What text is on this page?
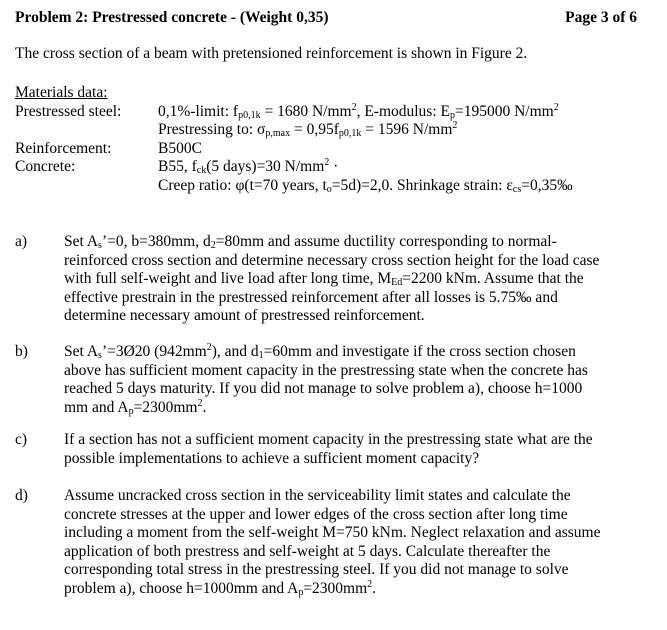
Problem 2: Prestressed concrete - (Weight 0,35)	Page 3 of 6
The cross section of a beam with pretensioned reinforcement is shown in Figure 2.
Materials data:
Prestressed steel: 0,1%-limit: $f_{p0,1k} = 1680$ $N/mm^2$, E-modulus: $E_p=195000$ $N/mm^2$
Prestressing to: $\sigma_{p,max} = 0,95f_{p0,1k} = 1596$ $N/mm^2$
Reinforcement:	B500C
Concrete:	B55, $f_{ck}(5$ days)=30 $N/mm^2$ ·
Creep ratio: φ(t=70 years, $t_o=5d)=2,0$. Shrinkage strain: $\varepsilon_{cs}=0,35‰$
a) Set $A_s’=0$, b=380mm, $d_2=80mm$ and assume ductility corresponding to normal-
reinforced cross section and determine necessary cross section height for the load case
with full self-weight and live load after long time, $M_{Ed}=2200$ kNm. Assume that the
effective prestrain in the prestressed reinforcement after all losses is 5.75‰ and
determine necessary amount of prestressed reinforcement.
b) Set $A_s’=3Ø20$ $(942mm^2)$, and $d_1=60mm$ and investigate if the cross section chosen
above has sufficient moment capacity in the prestressing state when the concrete has
reached 5 days maturity. If you did not manage to solve problem a), choose h=1000
mm and $A_p=2300mm^2$.
c) If a section has not a sufficient moment capacity in the prestressing state what are the
possible implementations to achieve a sufficient moment capacity?
d) Assume uncracked cross section in the serviceability limit states and calculate the
concrete stresses at the upper and lower edges of the cross section after long time
including a moment from the self-weight M=750 kNm. Neglect relaxation and assume
application of both prestress and self-weight at 5 days. Calculate thereafter the
corresponding total stress in the prestressing steel. If you did not manage to solve
problem a), choose h=1000mm and $A_p=2300mm^2$.
